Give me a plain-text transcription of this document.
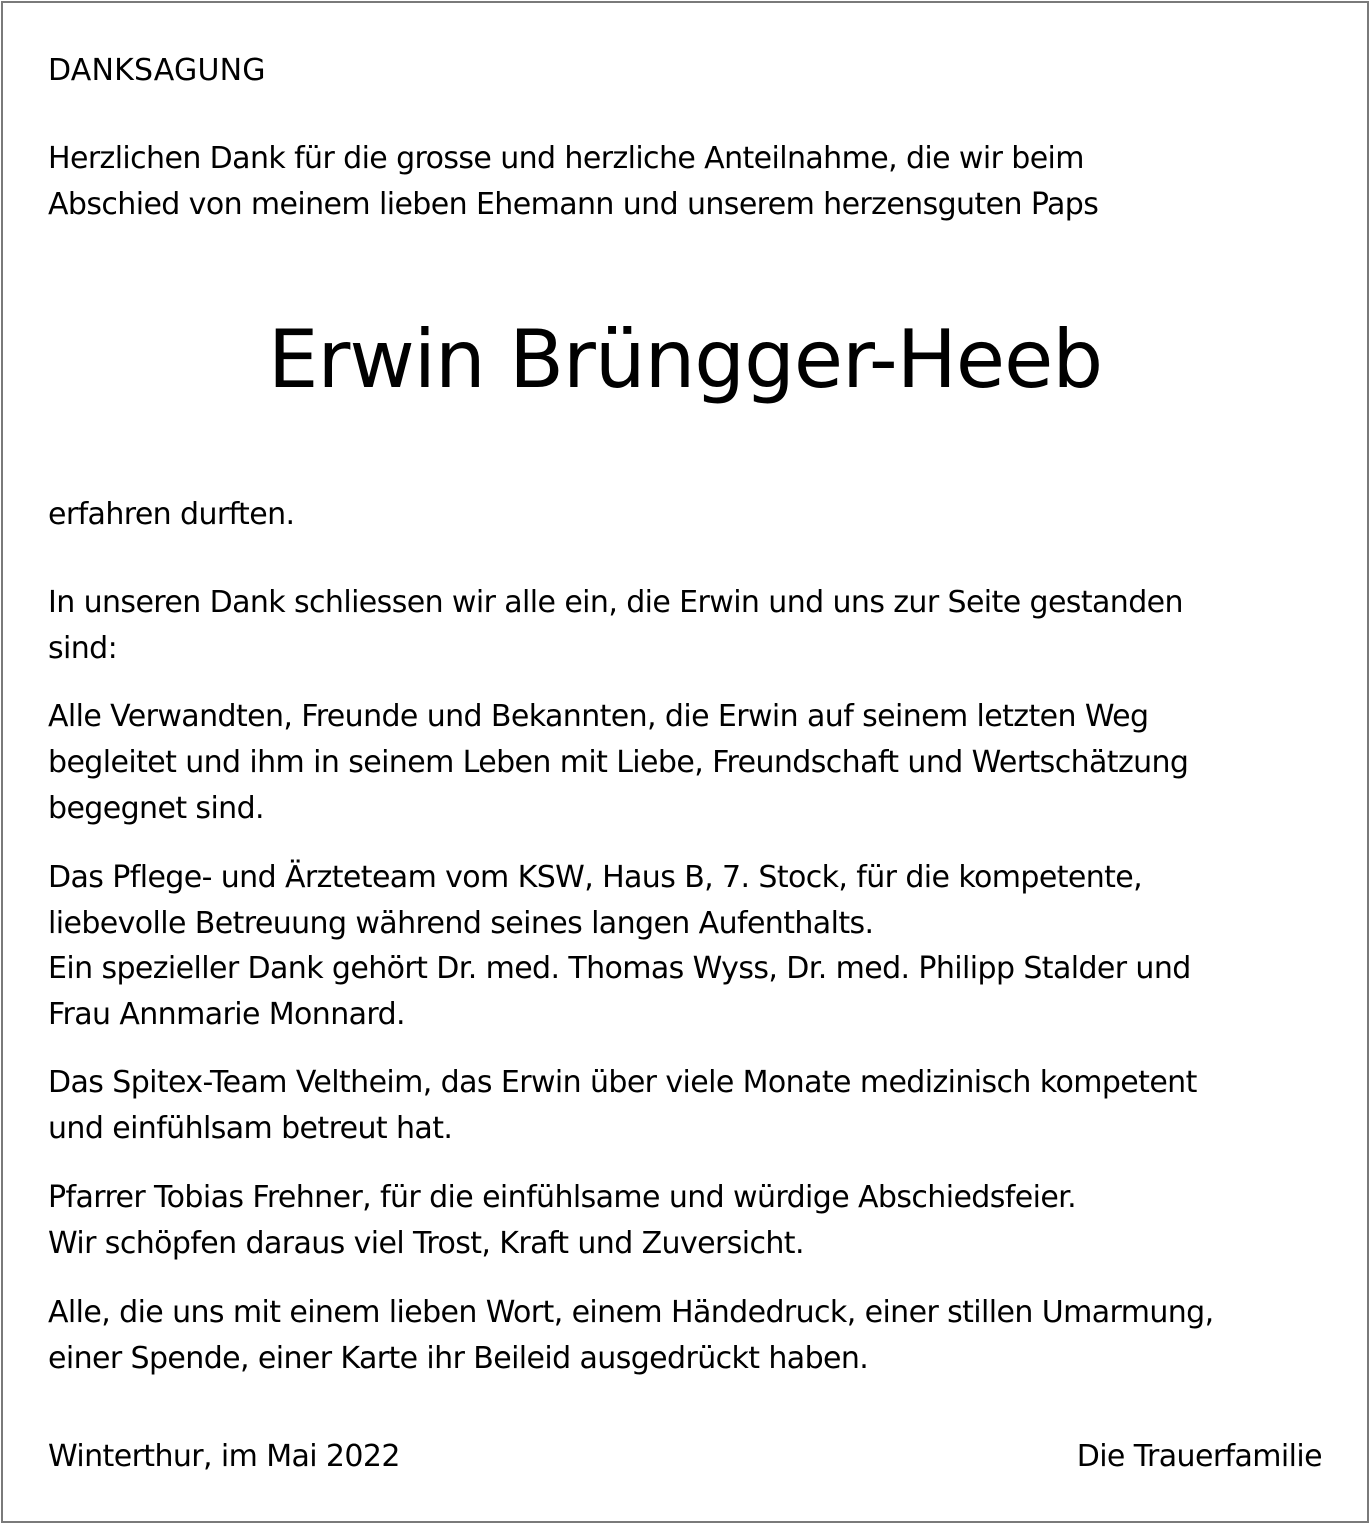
DANKSAGUNG
Herzlichen Dank für die grosse und herzliche Anteilnahme, die wir beim
Abschied von meinem lieben Ehemann und unserem herzensguten Paps
Erwin Brüngger-Heeb
erfahren durften.
In unseren Dank schliessen wir alle ein, die Erwin und uns zur Seite gestanden
sind:
Alle Verwandten, Freunde und Bekannten, die Erwin auf seinem letzten Weg
begleitet und ihm in seinem Leben mit Liebe, Freundschaft und Wertschätzung
begegnet sind.
Das Pflege- und Ärzteteam vom KSW, Haus B, 7. Stock, für die kompetente,
liebevolle Betreuung während seines langen Aufenthalts.
Ein spezieller Dank gehört Dr. med. Thomas Wyss, Dr. med. Philipp Stalder und
Frau Annmarie Monnard.
Das Spitex-Team Veltheim, das Erwin über viele Monate medizinisch kompetent
und einfühlsam betreut hat.
Pfarrer Tobias Frehner, für die einfühlsame und würdige Abschiedsfeier.
Wir schöpfen daraus viel Trost, Kraft und Zuversicht.
Alle, die uns mit einem lieben Wort, einem Händedruck, einer stillen Umarmung,
einer Spende, einer Karte ihr Beileid ausgedrückt haben.
Winterthur, im Mai 2022	Die Trauerfamilie
